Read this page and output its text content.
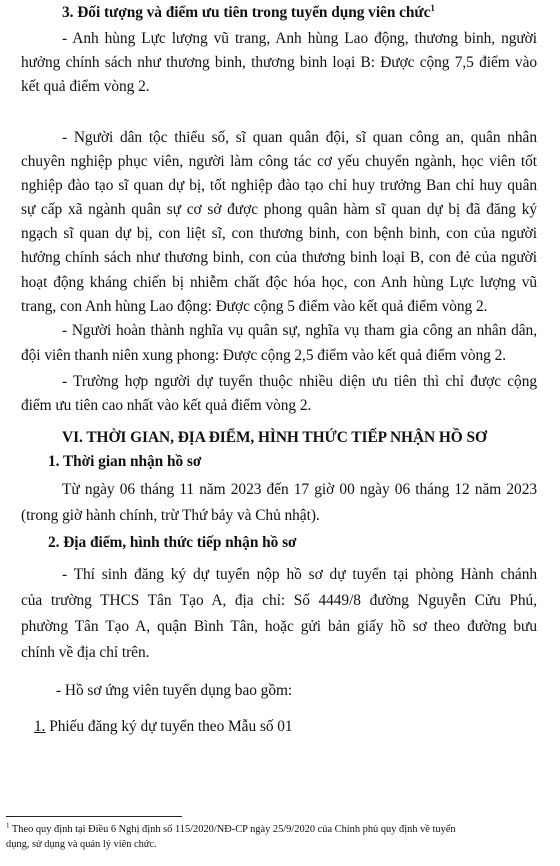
3. Đối tượng và điểm ưu tiên trong tuyển dụng viên chức$^1$
- Anh hùng Lực lượng vũ trang, Anh hùng Lao động, thương binh, người
hưởng chính sách như thương binh, thương binh loại B: Được cộng 7,5 điểm vào
kết quả điểm vòng 2.
- Người dân tộc thiểu số, sĩ quan quân đội, sĩ quan công an, quân nhân
chuyên nghiệp phục viên, người làm công tác cơ yếu chuyển ngành, học viên tốt
nghiệp đào tạo sĩ quan dự bị, tốt nghiệp đào tạo chỉ huy trưởng Ban chỉ huy quân
sự cấp xã ngành quân sự cơ sở được phong quân hàm sĩ quan dự bị đã đăng ký
ngạch sĩ quan dự bị, con liệt sĩ, con thương binh, con bệnh binh, con của người
hưởng chính sách như thương binh, con của thương binh loại B, con đẻ của người
hoạt động kháng chiến bị nhiễm chất độc hóa học, con Anh hùng Lực lượng vũ
trang, con Anh hùng Lao động: Được cộng 5 điểm vào kết quả điểm vòng 2.
- Người hoàn thành nghĩa vụ quân sự, nghĩa vụ tham gia công an nhân dân,
đội viên thanh niên xung phong: Được cộng 2,5 điểm vào kết quả điểm vòng 2.
- Trường hợp người dự tuyển thuộc nhiều diện ưu tiên thì chỉ được cộng
điểm ưu tiên cao nhất vào kết quả điểm vòng 2.
VI. THỜI GIAN, ĐỊA ĐIỂM, HÌNH THỨC TIẾP NHẬN HỒ SƠ
1. Thời gian nhận hồ sơ
Từ ngày 06 tháng 11 năm 2023 đến 17 giờ 00 ngày 06 tháng 12 năm 2023
(trong giờ hành chính, trừ Thứ bảy và Chủ nhật).
2. Địa điểm, hình thức tiếp nhận hồ sơ
- Thí sinh đăng ký dự tuyển nộp hồ sơ dự tuyển tại phòng Hành chánh
của trường THCS Tân Tạo A, địa chỉ: Số 4449/8 đường Nguyễn Cửu Phú,
phường Tân Tạo A, quận Bình Tân, hoặc gửi bản giấy hồ sơ theo đường bưu
chính về địa chỉ trên.
- Hồ sơ ứng viên tuyển dụng bao gồm:
1. Phiếu đăng ký dự tuyển theo Mẫu số 01
$^1$ Theo quy định tại Điều 6 Nghị định số 115/2020/NĐ-CP ngày 25/9/2020 của Chính phủ quy định về tuyển
dụng, sử dụng và quản lý viên chức.
